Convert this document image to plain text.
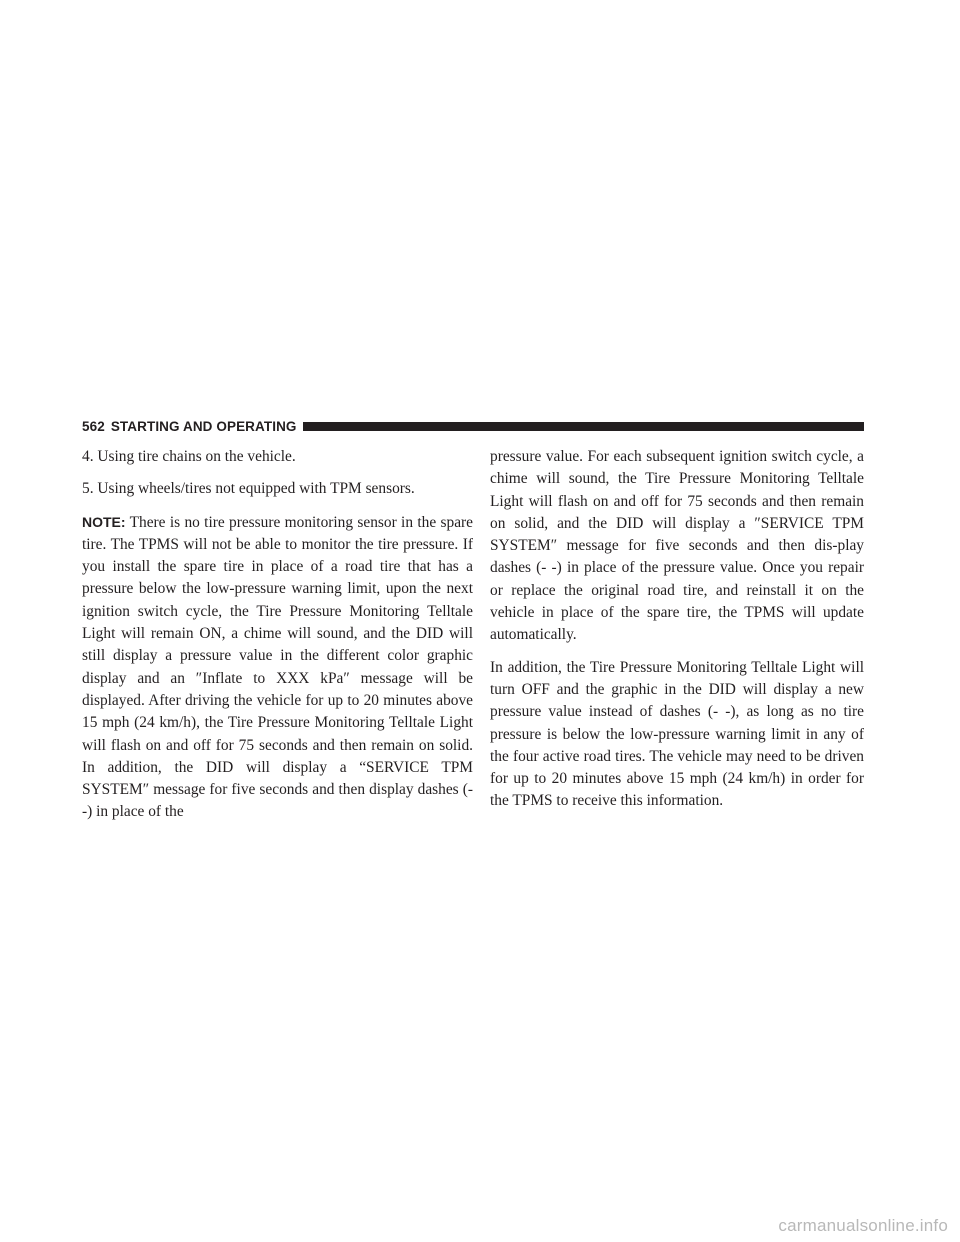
562 STARTING AND OPERATING

4. Using tire chains on the vehicle.

5. Using wheels/tires not equipped with TPM sensors.

NOTE: There is no tire pressure monitoring sensor in the spare tire. The TPMS will not be able to monitor the tire pressure. If you install the spare tire in place of a road tire that has a pressure below the low-pressure warning limit, upon the next ignition switch cycle, the Tire Pressure Monitoring Telltale Light will remain ON, a chime will sound, and the DID will still display a pressure value in the different color graphic display and an ″Inflate to XXX kPa″ message will be displayed. After driving the vehicle for up to 20 minutes above 15 mph (24 km/h), the Tire Pressure Monitoring Telltale Light will flash on and off for 75 seconds and then remain on solid. In addition, the DID will display a “SERVICE TPM SYSTEM″ message for five seconds and then display dashes (- -) in place of the

pressure value. For each subsequent ignition switch cycle, a chime will sound, the Tire Pressure Monitoring Telltale Light will flash on and off for 75 seconds and then remain on solid, and the DID will display a ″SERVICE TPM SYSTEM″ message for five seconds and then dis-play dashes (- -) in place of the pressure value. Once you repair or replace the original road tire, and reinstall it on the vehicle in place of the spare tire, the TPMS will update automatically.

In addition, the Tire Pressure Monitoring Telltale Light will turn OFF and the graphic in the DID will display a new pressure value instead of dashes (- -), as long as no tire pressure is below the low-pressure warning limit in any of the four active road tires. The vehicle may need to be driven for up to 20 minutes above 15 mph (24 km/h) in order for the TPMS to receive this information.

carmanualsonline.info
